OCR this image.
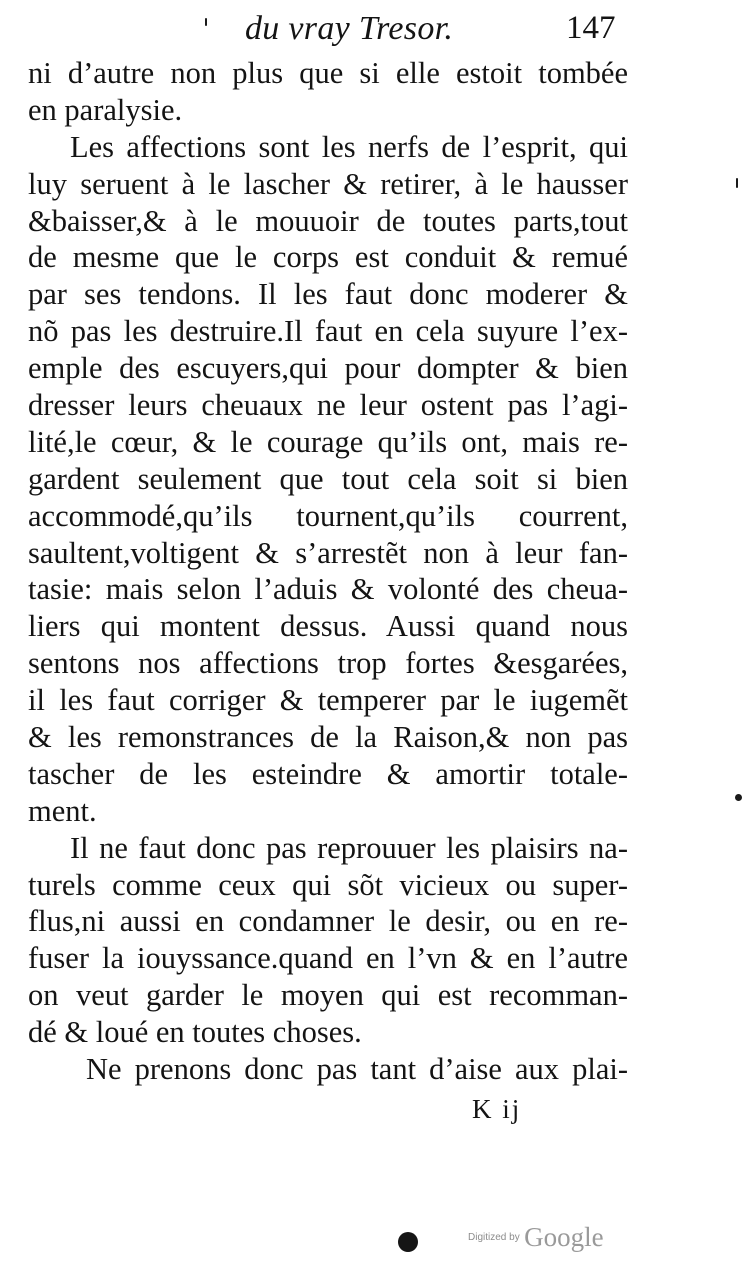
du vray Tresor.	147
ni d’autre non plus que si elle estoit tombée
en paralysie.
Les affections sont les nerfs de l’esprit, qui
luy seruent à le lascher & retirer, à le hausser
&baisser,& à le mouuoir de toutes parts,tout
de mesme que le corps est conduit & remué
par ses tendons. Il les faut donc moderer &
nõ pas les destruire.Il faut en cela suyure l’ex-
emple des escuyers,qui pour dompter & bien
dresser leurs cheuaux ne leur ostent pas l’agi-
lité,le cœur, & le courage qu’ils ont, mais re-
gardent seulement que tout cela soit si bien
accommodé,qu’ils tournent,qu’ils courrent,
saultent,voltigent & s’arrestẽt non à leur fan-
tasie: mais selon l’aduis & volonté des cheua-
liers qui montent dessus. Aussi quand nous
sentons nos affections trop fortes &esgarées,
il les faut corriger & temperer par le iugemẽt
& les remonstrances de la Raison,& non pas
tascher de les esteindre & amortir totale-
ment.
Il ne faut donc pas reprouuer les plaisirs na-
turels comme ceux qui sõt vicieux ou super-
flus,ni aussi en condamner le desir, ou en re-
fuser la iouyssance.quand en l’vn & en l’autre
on veut garder le moyen qui est recomman-
dé & loué en toutes choses.
Ne prenons donc pas tant d’aise aux plai-
K ij
Digitized by Google
